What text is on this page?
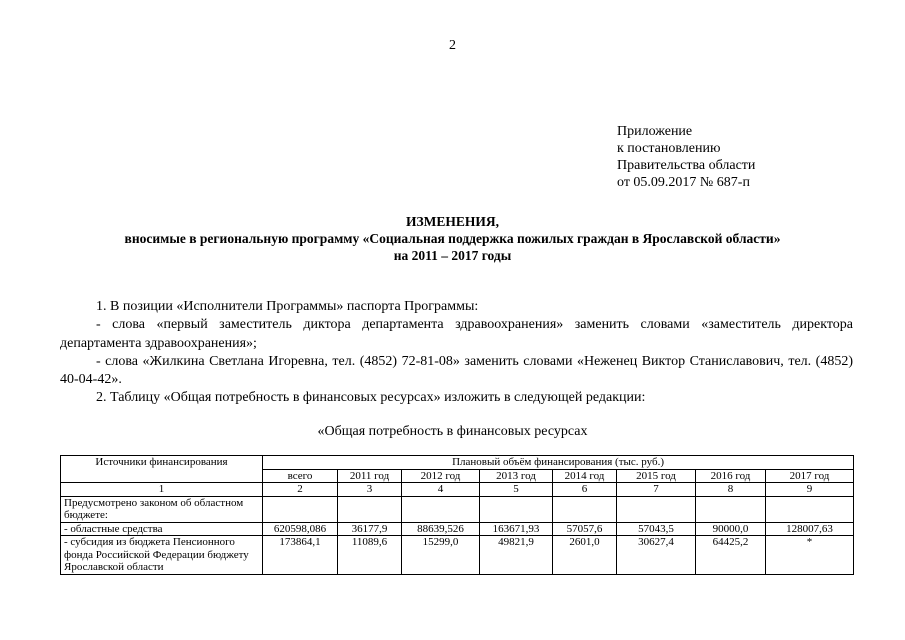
2
Приложение
к постановлению
Правительства области
от 05.09.2017 № 687-п
ИЗМЕНЕНИЯ,
вносимые в региональную программу «Социальная поддержка пожилых граждан в Ярославской области»
на 2011 – 2017 годы

1. В позиции «Исполнители Программы» паспорта Программы:

- слова «первый заместитель диктора департамента здравоохранения» заменить словами «заместитель директора департамента здравоохранения»;

- слова «Жилкина Светлана Игоревна, тел. (4852) 72-81-08» заменить словами «Неженец Виктор Станиславович, тел. (4852) 40-04-42».

2. Таблицу «Общая потребность в финансовых ресурсах» изложить в следующей редакции:

«Общая потребность в финансовых ресурсах
Источники финансирования	Плановый объём финансирования (тыс. руб.)							
	всего	2011 год	2012 год	2013 год	2014 год	2015 год	2016 год	2017 год
1	2	3	4	5	6	7	8	9
Предусмотрено законом об областном бюджете:								
- областные средства	620598,086	36177,9	88639,526	163671,93	57057,6	57043,5	90000,0	128007,63
- субсидия из бюджета Пенсионного фонда Российской Федерации бюджету Ярославской области	173864,1	11089,6	15299,0	49821,9	2601,0	30627,4	64425,2	*
